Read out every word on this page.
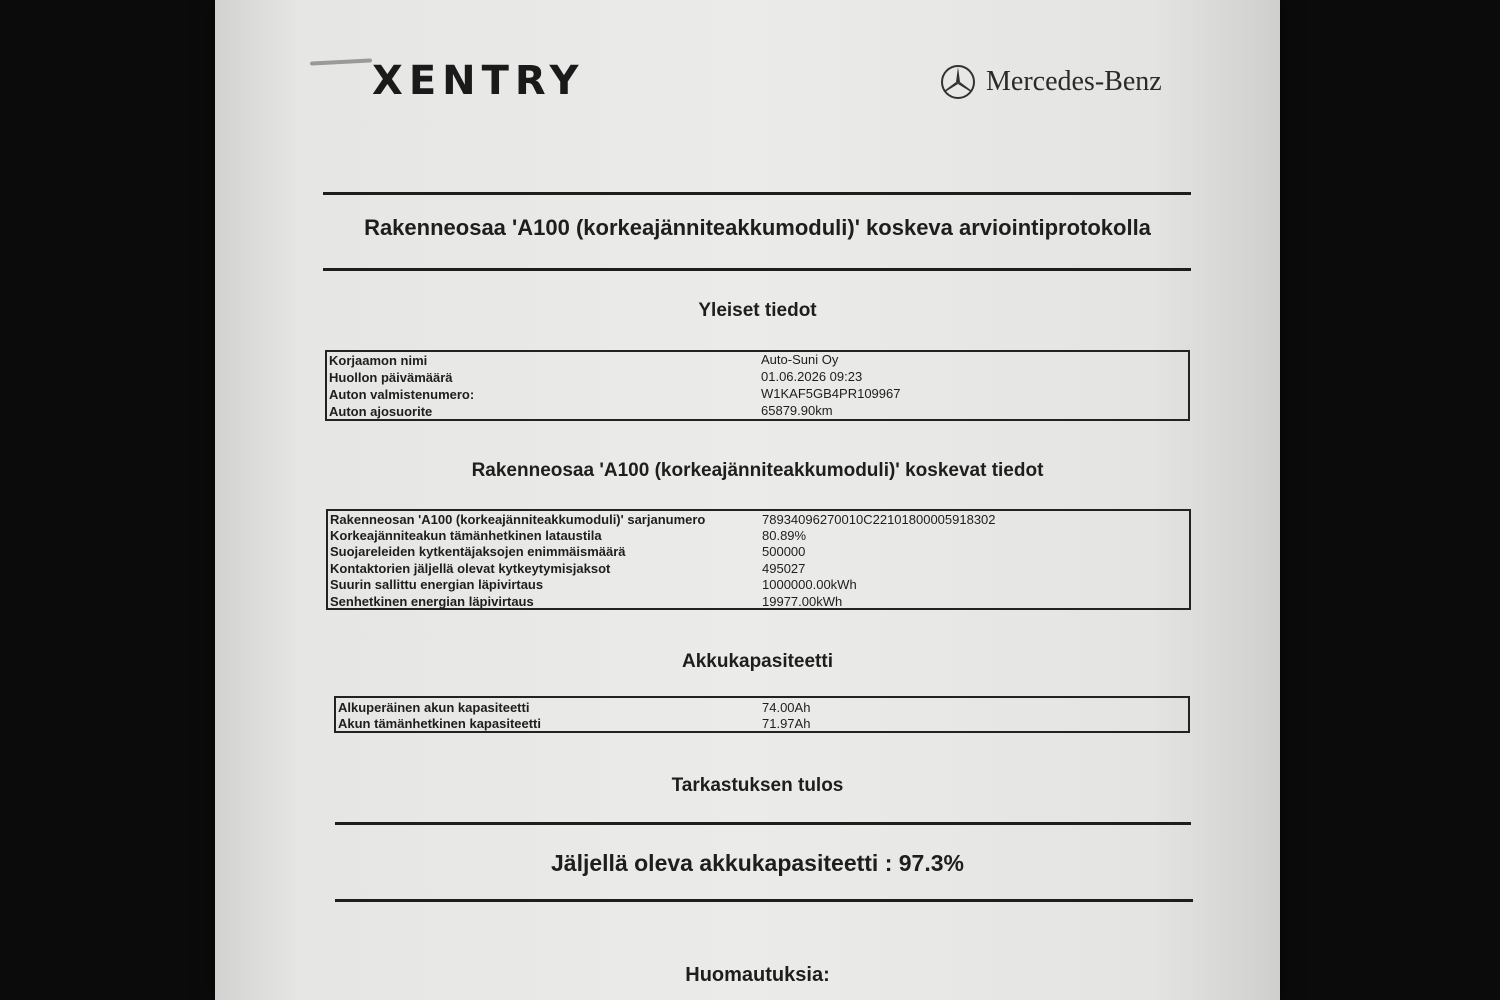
XENTRY	Mercedes-Benz
Rakenneosaa 'A100 (korkeajänniteakkumoduli)' koskeva arviointiprotokolla
Yleiset tiedot
Korjaamon nimi	Auto-Suni Oy
Huollon päivämäärä	01.06.2026 09:23
Auton valmistenumero:	W1KAF5GB4PR109967
Auton ajosuorite	65879.90km
Rakenneosaa 'A100 (korkeajänniteakkumoduli)' koskevat tiedot
Rakenneosan 'A100 (korkeajänniteakkumoduli)' sarjanumero	78934096270010C22101800005918302
Korkeajänniteakun tämänhetkinen lataustila	80.89%
Suojareleiden kytkentäjaksojen enimmäismäärä	500000
Kontaktorien jäljellä olevat kytkeytymisjaksot	495027
Suurin sallittu energian läpivirtaus	1000000.00kWh
Senhetkinen energian läpivirtaus	19977.00kWh
Akkukapasiteetti
Alkuperäinen akun kapasiteetti	74.00Ah
Akun tämänhetkinen kapasiteetti	71.97Ah
Tarkastuksen tulos
Jäljellä oleva akkukapasiteetti : 97.3%
Huomautuksia:
